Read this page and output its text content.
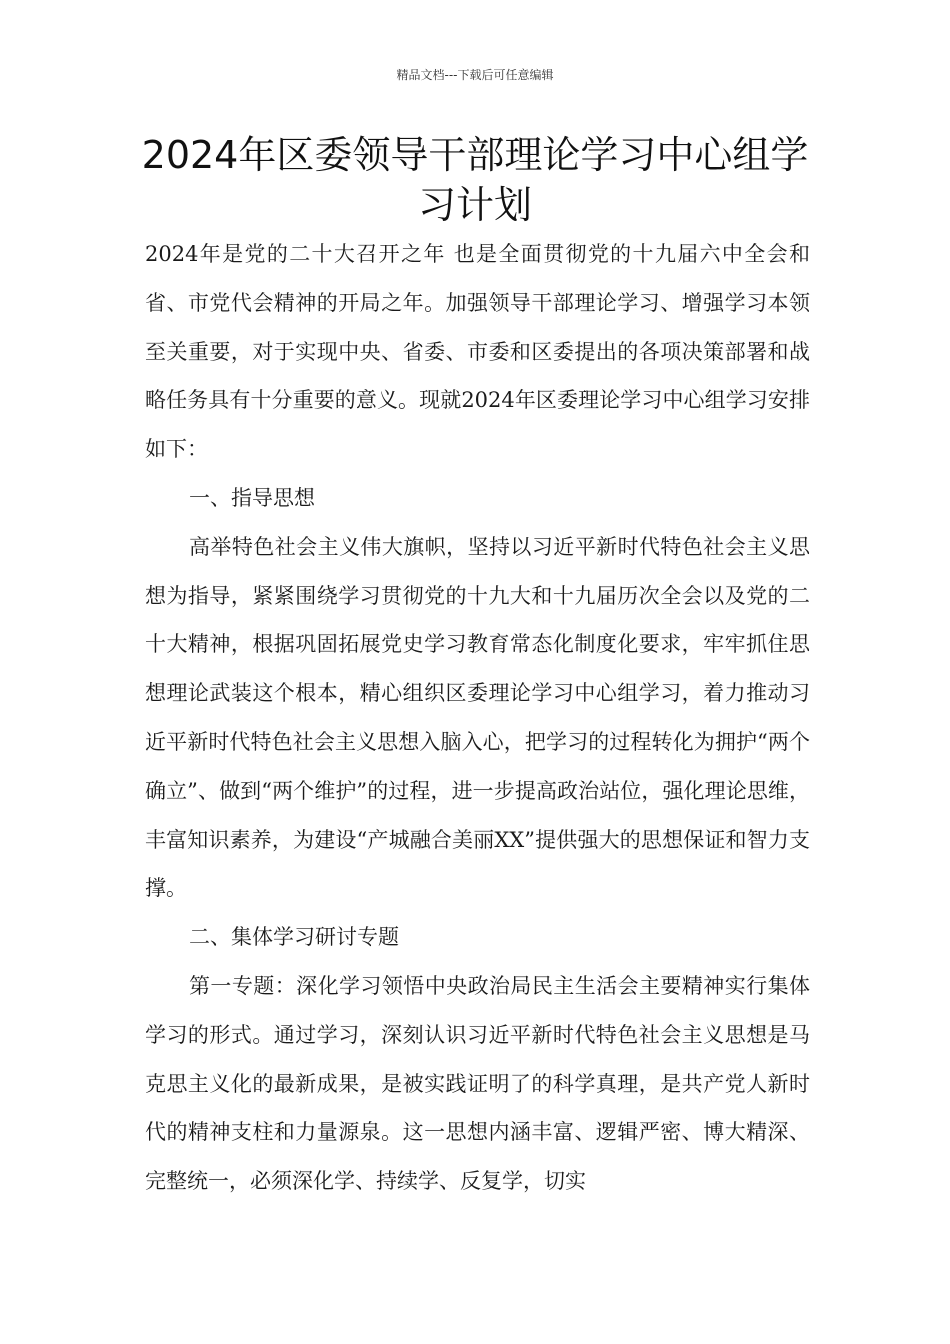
精品文档---下载后可任意编辑
2024年区委领导干部理论学习中心组学习计划

2024年是党的二十大召开之年 也是全面贯彻党的十九届六中全会和省、市党代会精神的开局之年。加强领导干部理论学习、增强学习本领至关重要，对于实现中央、省委、市委和区委提出的各项决策部署和战略任务具有十分重要的意义。现就2024年区委理论学习中心组学习安排如下：

一、指导思想

高举特色社会主义伟大旗帜，坚持以习近平新时代特色社会主义思想为指导，紧紧围绕学习贯彻党的十九大和十九届历次全会以及党的二十大精神，根据巩固拓展党史学习教育常态化制度化要求，牢牢抓住思想理论武装这个根本，精心组织区委理论学习中心组学习，着力推动习近平新时代特色社会主义思想入脑入心，把学习的过程转化为拥护“两个确立”、做到“两个维护”的过程，进一步提高政治站位，强化理论思维，丰富知识素养，为建设“产城融合美丽XX”提供强大的思想保证和智力支撑。

二、集体学习研讨专题

第一专题：深化学习领悟中央政治局民主生活会主要精神实行集体学习的形式。通过学习，深刻认识习近平新时代特色社会主义思想是马克思主义化的最新成果，是被实践证明了的科学真理，是共产党人新时代的精神支柱和力量源泉。这一思想内涵丰富、逻辑严密、博大精深、完整统一，必须深化学、持续学、反复学，切实
